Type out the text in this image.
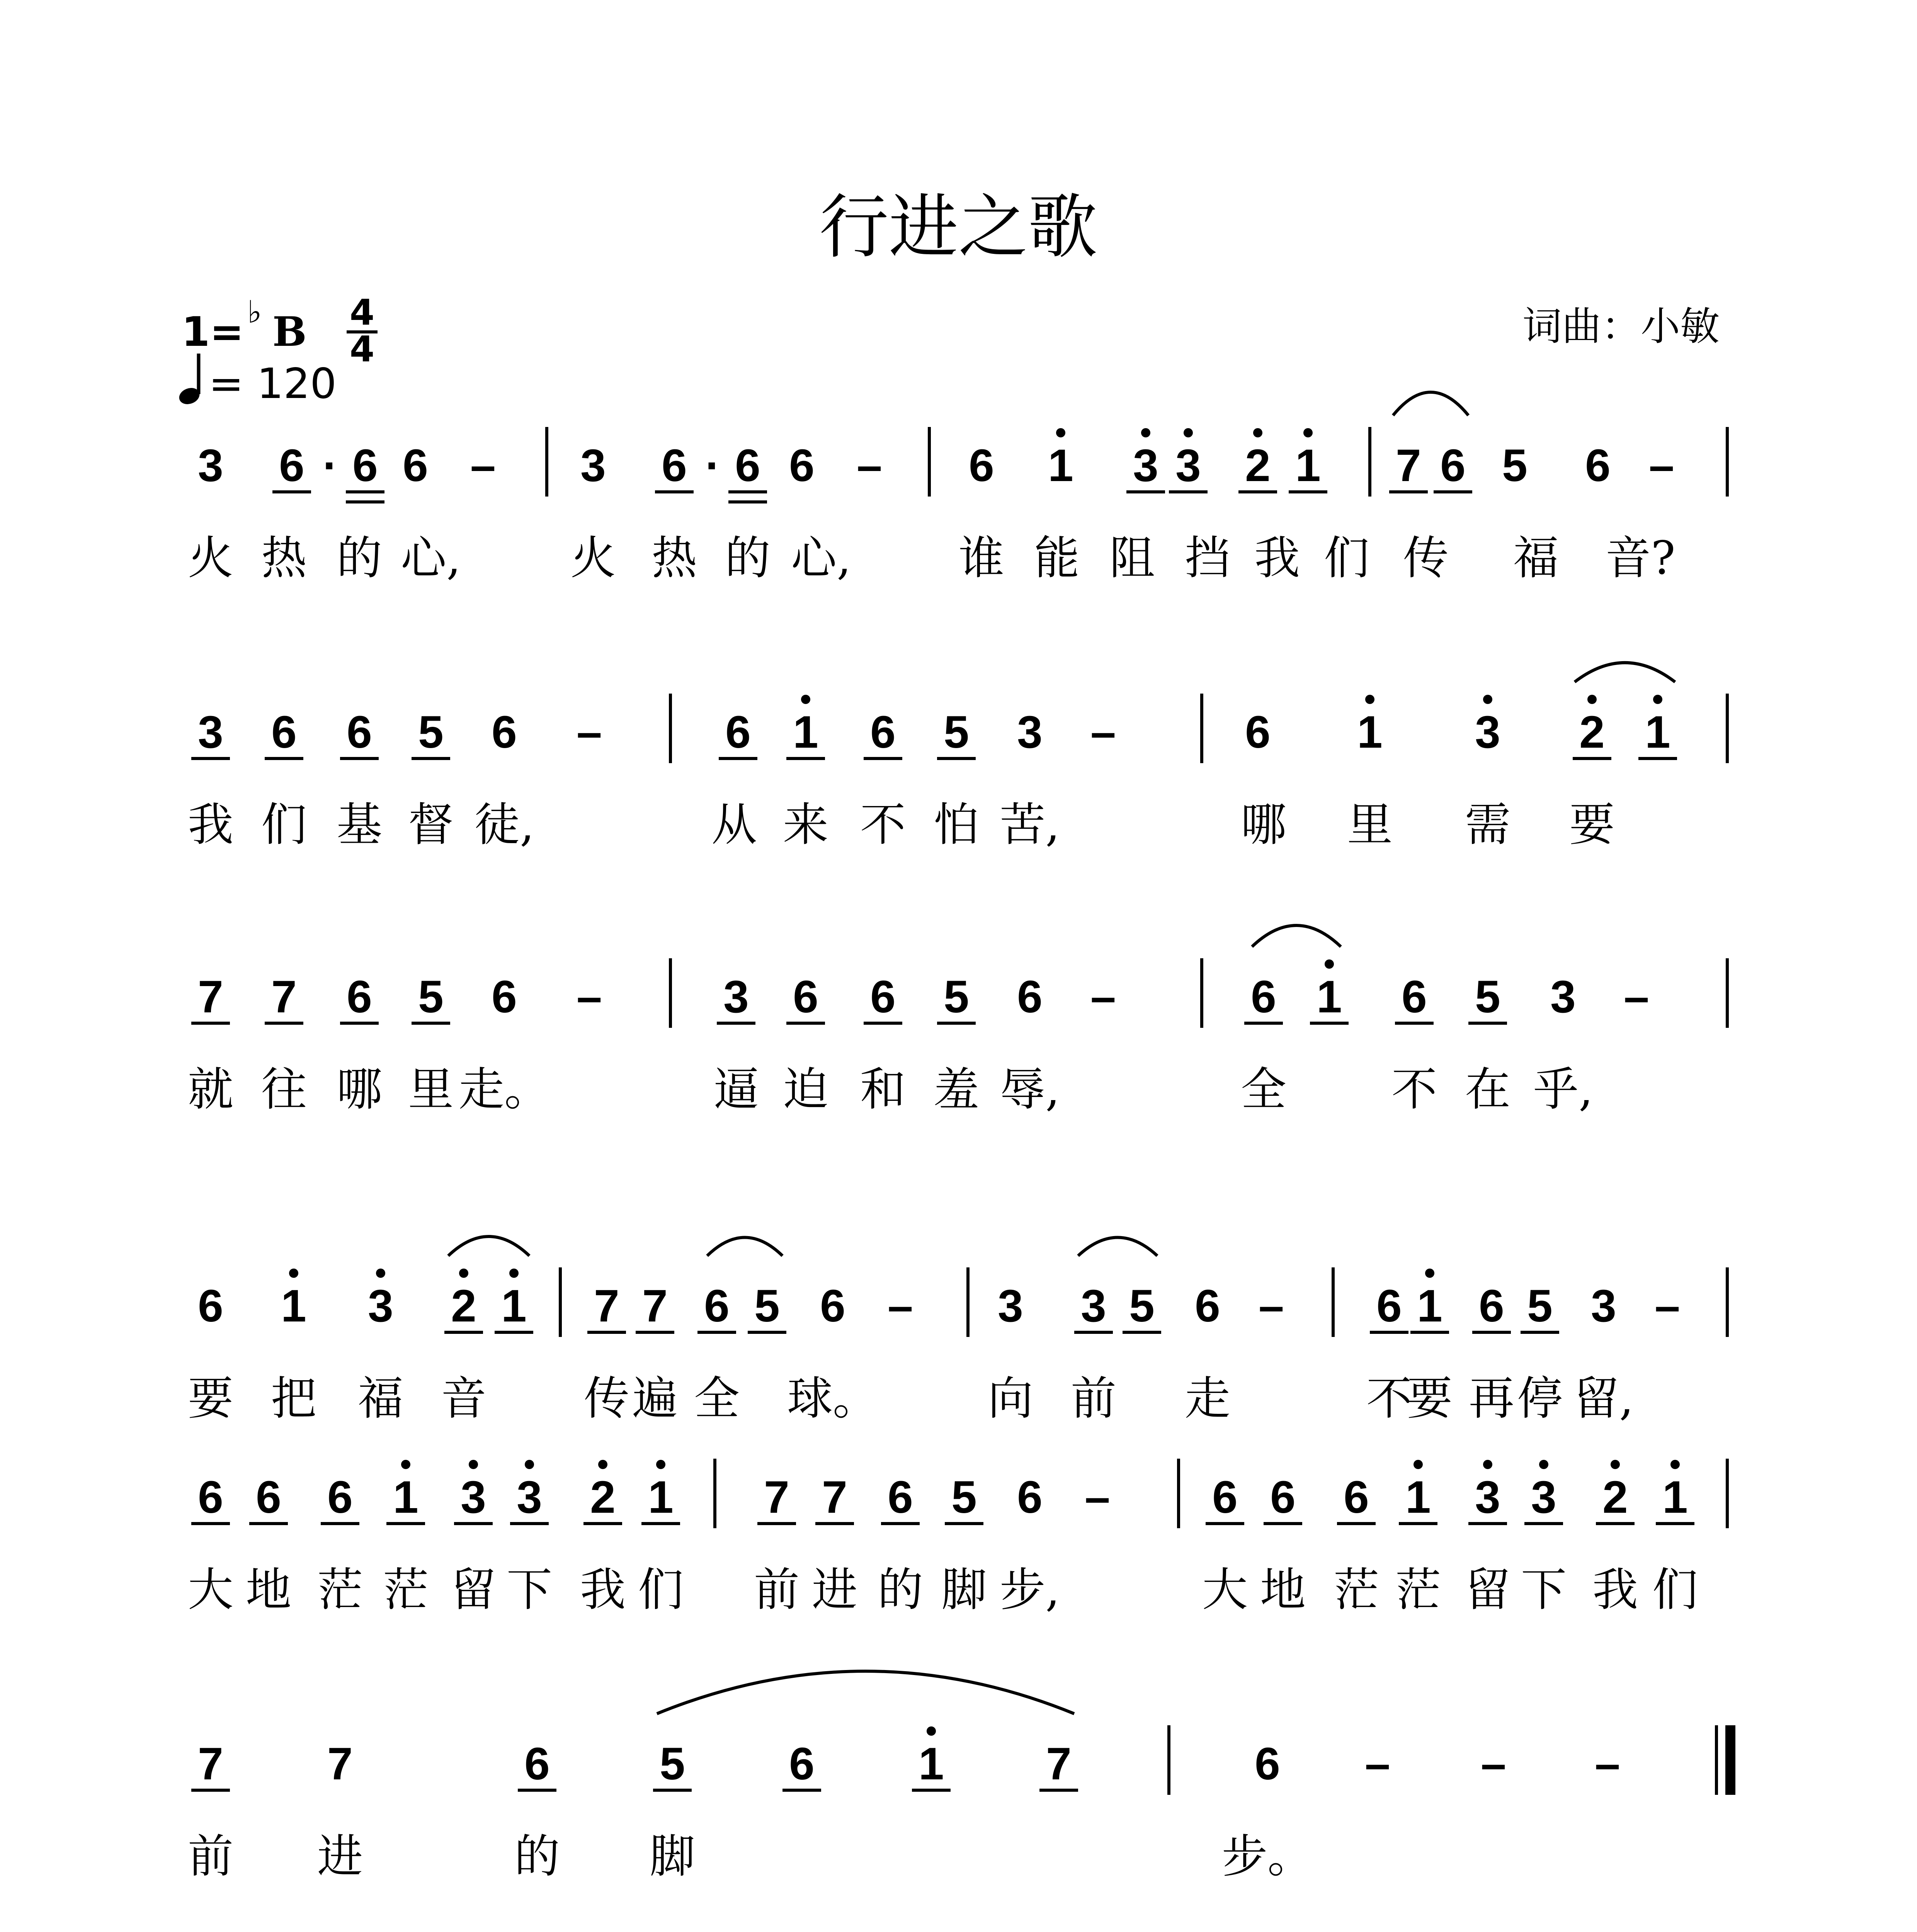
行进之歌
1= ♭ B 4
4
= 120
词曲：小敏
3 6 · 6 6 – 3 6 · 6 6 – 6 1 3 3 2 1 7 6 5 6 –
3 6 6 5 6 –	6 1 6 5 3 –	6 1 3 2 1
7 7 6 5 6 –	3 6 6 5 6 –	6 1 6 5 3 –
6 1 3 2 1 7 7 6 5 6 – 3 3 5 6 – 6 1 6 5 3 –
6 6 6 1 3 3 2 1 7 7 6 5 6 – 6 6 6 1 3 3 2 1
7 7	6 5 6 1 7	6 – – –
火 热 的 心, 火 热 的 心, 谁 能 阻 挡 我 们 传 福 音?
我 们 基 督 徒,	从 来 不 怕 苦,	哪 里 需 要
就 往 哪 里 走。	逼 迫 和 羞 辱,	全 不 在 乎,
要 把 福 音 传 遍 全 球。 向 前 走	不
要 再 停 留,
大 地 茫 茫 留 下 我 们 前 进 的 脚 步,	大 地 茫 茫 留 下 我 们
前 进	的 脚	步。
